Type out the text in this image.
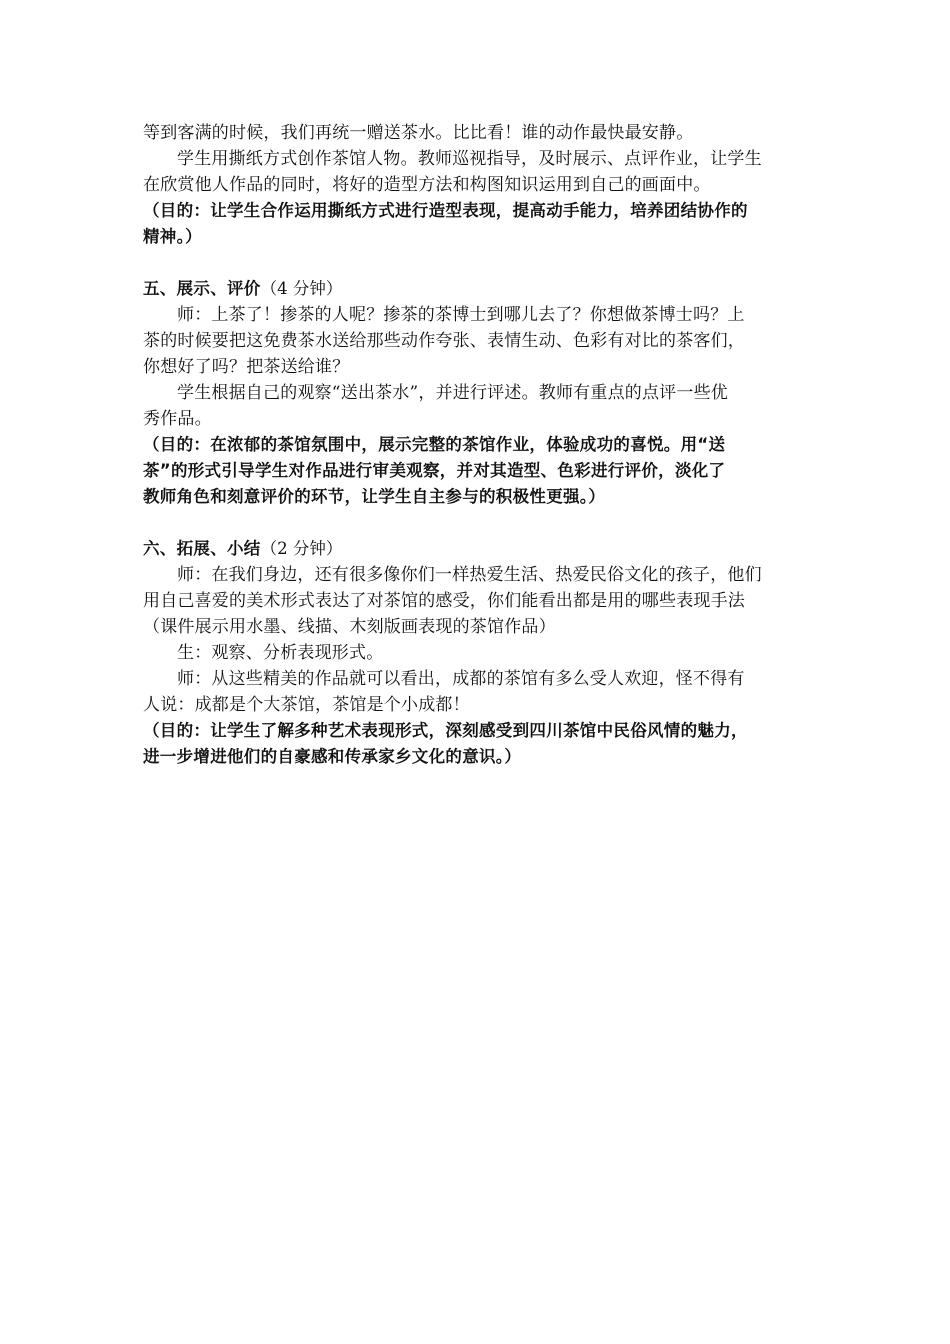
等到客满的时候，我们再统一赠送茶水。比比看！谁的动作最快最安静。
学生用撕纸方式创作茶馆人物。教师巡视指导，及时展示、点评作业，让学生
在欣赏他人作品的同时，将好的造型方法和构图知识运用到自己的画面中。
（目的：让学生合作运用撕纸方式进行造型表现，提高动手能力，培养团结协作的
精神。）
五、展示、评价（4 分钟）
师：上茶了！掺茶的人呢？掺茶的茶博士到哪儿去了？你想做茶博士吗？上
茶的时候要把这免费茶水送给那些动作夸张、表情生动、色彩有对比的茶客们，
你想好了吗？把茶送给谁？
学生根据自己的观察“送出茶水”，并进行评述。教师有重点的点评一些优
秀作品。
（目的：在浓郁的茶馆氛围中，展示完整的茶馆作业，体验成功的喜悦。用“送
茶”的形式引导学生对作品进行审美观察，并对其造型、色彩进行评价，淡化了
教师角色和刻意评价的环节，让学生自主参与的积极性更强。）
六、拓展、小结（2 分钟）
师：在我们身边，还有很多像你们一样热爱生活、热爱民俗文化的孩子，他们
用自己喜爱的美术形式表达了对茶馆的感受，你们能看出都是用的哪些表现手法
（课件展示用水墨、线描、木刻版画表现的茶馆作品）
生：观察、分析表现形式。
师：从这些精美的作品就可以看出，成都的茶馆有多么受人欢迎，怪不得有
人说：成都是个大茶馆，茶馆是个小成都！
（目的：让学生了解多种艺术表现形式，深刻感受到四川茶馆中民俗风情的魅力，
进一步增进他们的自豪感和传承家乡文化的意识。）
